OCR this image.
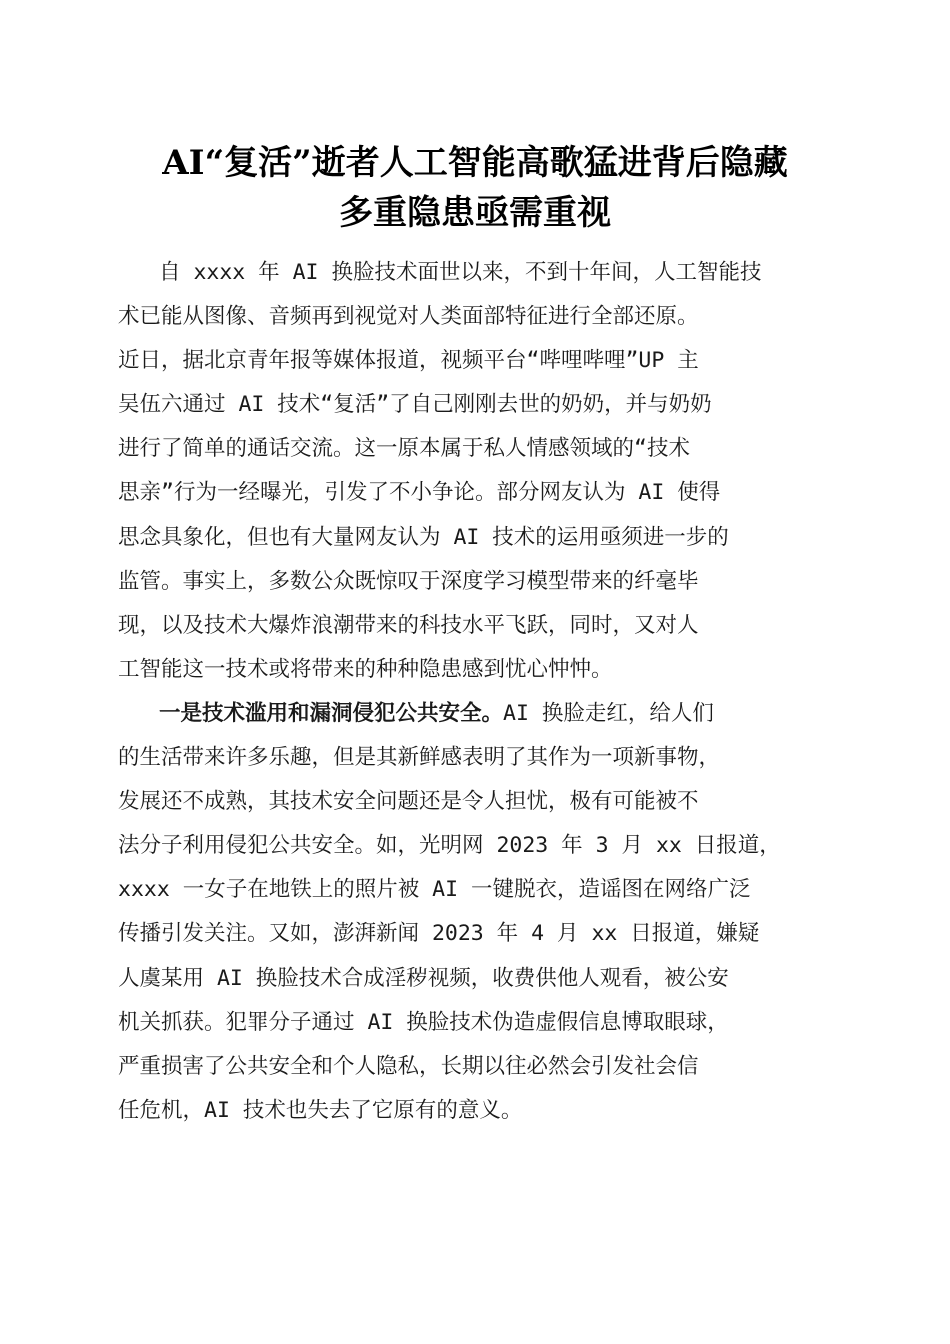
AI“复活”逝者人工智能高歌猛进背后隐藏
多重隐患亟需重视
自 xxxx 年 AI 换脸技术面世以来，不到十年间，人工智能技
术已能从图像、音频再到视觉对人类面部特征进行全部还原。
近日，据北京青年报等媒体报道，视频平台“哔哩哔哩”UP 主
吴伍六通过 AI 技术“复活”了自己刚刚去世的奶奶，并与奶奶
进行了简单的通话交流。这一原本属于私人情感领域的“技术
思亲”行为一经曝光，引发了不小争论。部分网友认为 AI 使得
思念具象化，但也有大量网友认为 AI 技术的运用亟须进一步的
监管。事实上，多数公众既惊叹于深度学习模型带来的纤毫毕
现，以及技术大爆炸浪潮带来的科技水平飞跃，同时，又对人
工智能这一技术或将带来的种种隐患感到忧心忡忡。
一是技术滥用和漏洞侵犯公共安全。AI 换脸走红，给人们
的生活带来许多乐趣，但是其新鲜感表明了其作为一项新事物，
发展还不成熟，其技术安全问题还是令人担忧，极有可能被不
法分子利用侵犯公共安全。如，光明网 2023 年 3 月 xx 日报道，
xxxx 一女子在地铁上的照片被 AI 一键脱衣，造谣图在网络广泛
传播引发关注。又如，澎湃新闻 2023 年 4 月 xx 日报道，嫌疑
人虞某用 AI 换脸技术合成淫秽视频，收费供他人观看，被公安
机关抓获。犯罪分子通过 AI 换脸技术伪造虚假信息博取眼球，
严重损害了公共安全和个人隐私，长期以往必然会引发社会信
任危机，AI 技术也失去了它原有的意义。
